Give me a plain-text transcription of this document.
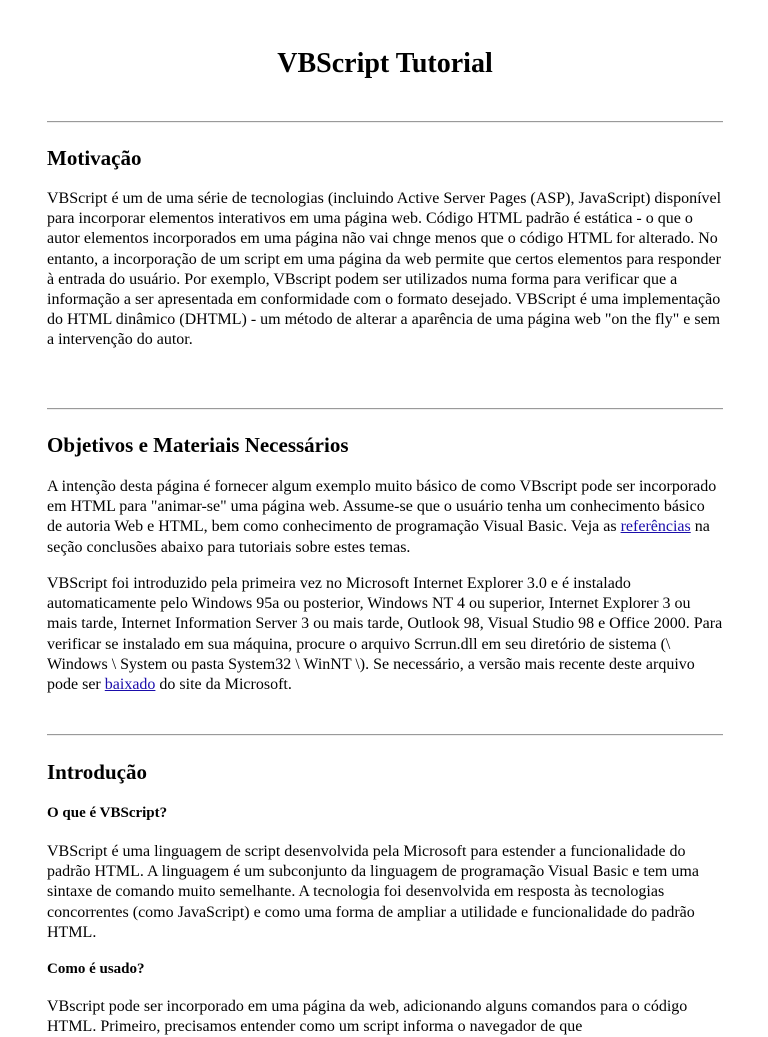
VBScript Tutorial
Motivação

VBScript é um de uma série de tecnologias (incluindo Active Server Pages (ASP), JavaScript) disponível para incorporar elementos interativos em uma página web. Código HTML padrão é estática - o que o autor elementos incorporados em uma página não vai chnge menos que o código HTML for alterado. No entanto, a incorporação de um script em uma página da web permite que certos elementos para responder à entrada do usuário. Por exemplo, VBscript podem ser utilizados numa forma para verificar que a informação a ser apresentada em conformidade com o formato desejado. VBScript é uma implementação do HTML dinâmico (DHTML) - um método de alterar a aparência de uma página web "on the fly" e sem a intervenção do autor.

Objetivos e Materiais Necessários

A intenção desta página é fornecer algum exemplo muito básico de como VBscript pode ser incorporado em HTML para "animar-se" uma página web. Assume-se que o usuário tenha um conhecimento básico de autoria Web e HTML, bem como conhecimento de programação Visual Basic. Veja as referências na seção conclusões abaixo para tutoriais sobre estes temas.

VBScript foi introduzido pela primeira vez no Microsoft Internet Explorer 3.0 e é instalado automaticamente pelo Windows 95a ou posterior, Windows NT 4 ou superior, Internet Explorer 3 ou mais tarde, Internet Information Server 3 ou mais tarde, Outlook 98, Visual Studio 98 e Office 2000. Para verificar se instalado em sua máquina, procure o arquivo Scrrun.dll em seu diretório de sistema (\ Windows \ System ou pasta System32 \ WinNT \). Se necessário, a versão mais recente deste arquivo pode ser baixado do site da Microsoft.

Introdução
O que é VBScript?

VBScript é uma linguagem de script desenvolvida pela Microsoft para estender a funcionalidade do padrão HTML. A linguagem é um subconjunto da linguagem de programação Visual Basic e tem uma sintaxe de comando muito semelhante. A tecnologia foi desenvolvida em resposta às tecnologias concorrentes (como JavaScript) e como uma forma de ampliar a utilidade e funcionalidade do padrão HTML.

Como é usado?

VBscript pode ser incorporado em uma página da web, adicionando alguns comandos para o código HTML. Primeiro, precisamos entender como um script informa o navegador de que
